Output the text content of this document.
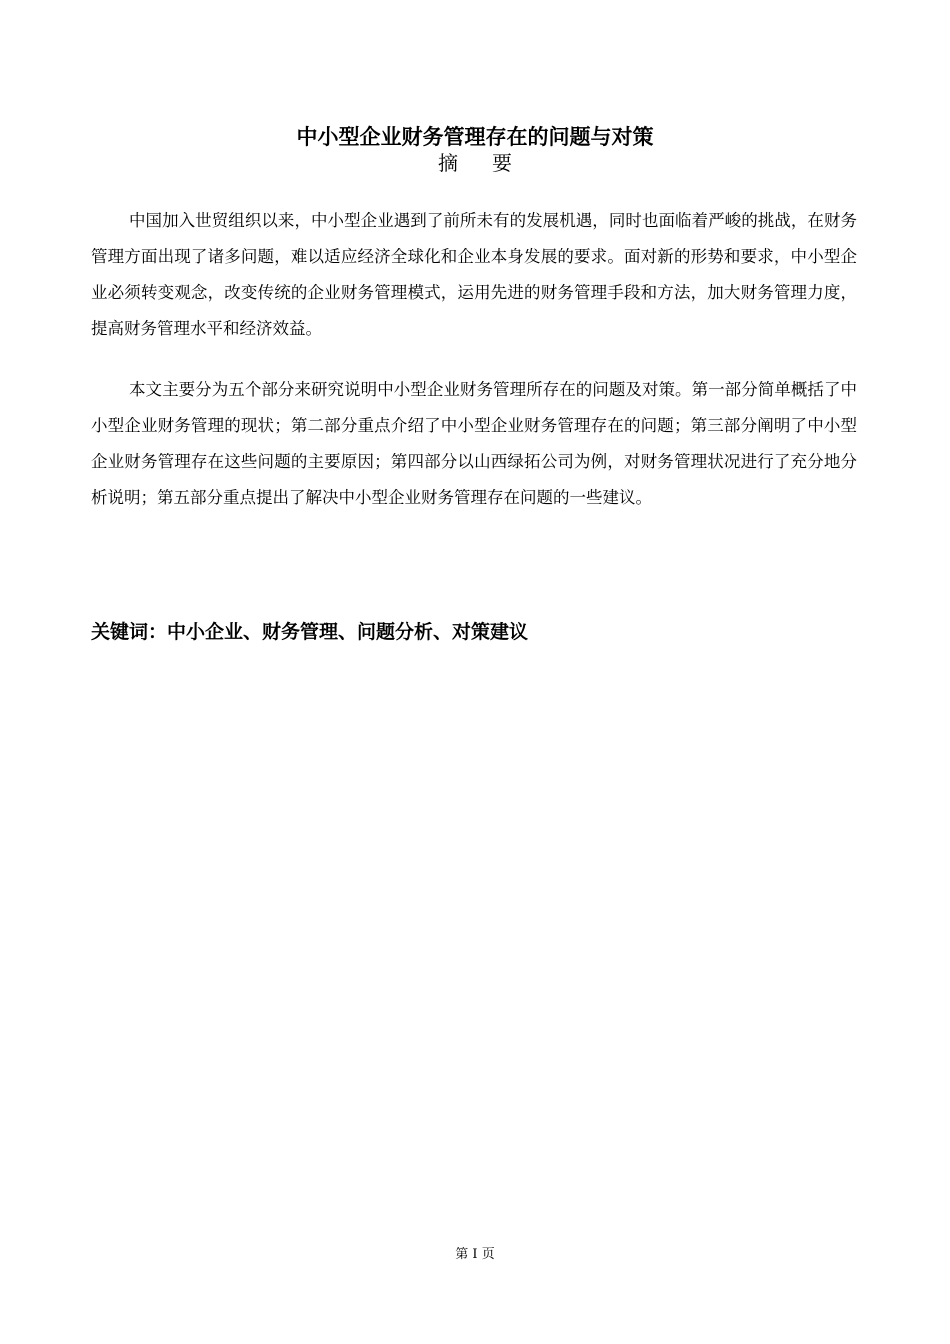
中小型企业财务管理存在的问题与对策
摘要

中国加入世贸组织以来，中小型企业遇到了前所未有的发展机遇，同时也面临着严峻的挑战，在财务管理方面出现了诸多问题，难以适应经济全球化和企业本身发展的要求。面对新的形势和要求，中小型企业必须转变观念，改变传统的企业财务管理模式，运用先进的财务管理手段和方法，加大财务管理力度，提高财务管理水平和经济效益。

本文主要分为五个部分来研究说明中小型企业财务管理所存在的问题及对策。第一部分简单概括了中小型企业财务管理的现状；第二部分重点介绍了中小型企业财务管理存在的问题；第三部分阐明了中小型企业财务管理存在这些问题的主要原因；第四部分以山西绿拓公司为例，对财务管理状况进行了充分地分析说明；第五部分重点提出了解决中小型企业财务管理存在问题的一些建议。

关键词：中小企业、财务管理、问题分析、对策建议
第 I 页
